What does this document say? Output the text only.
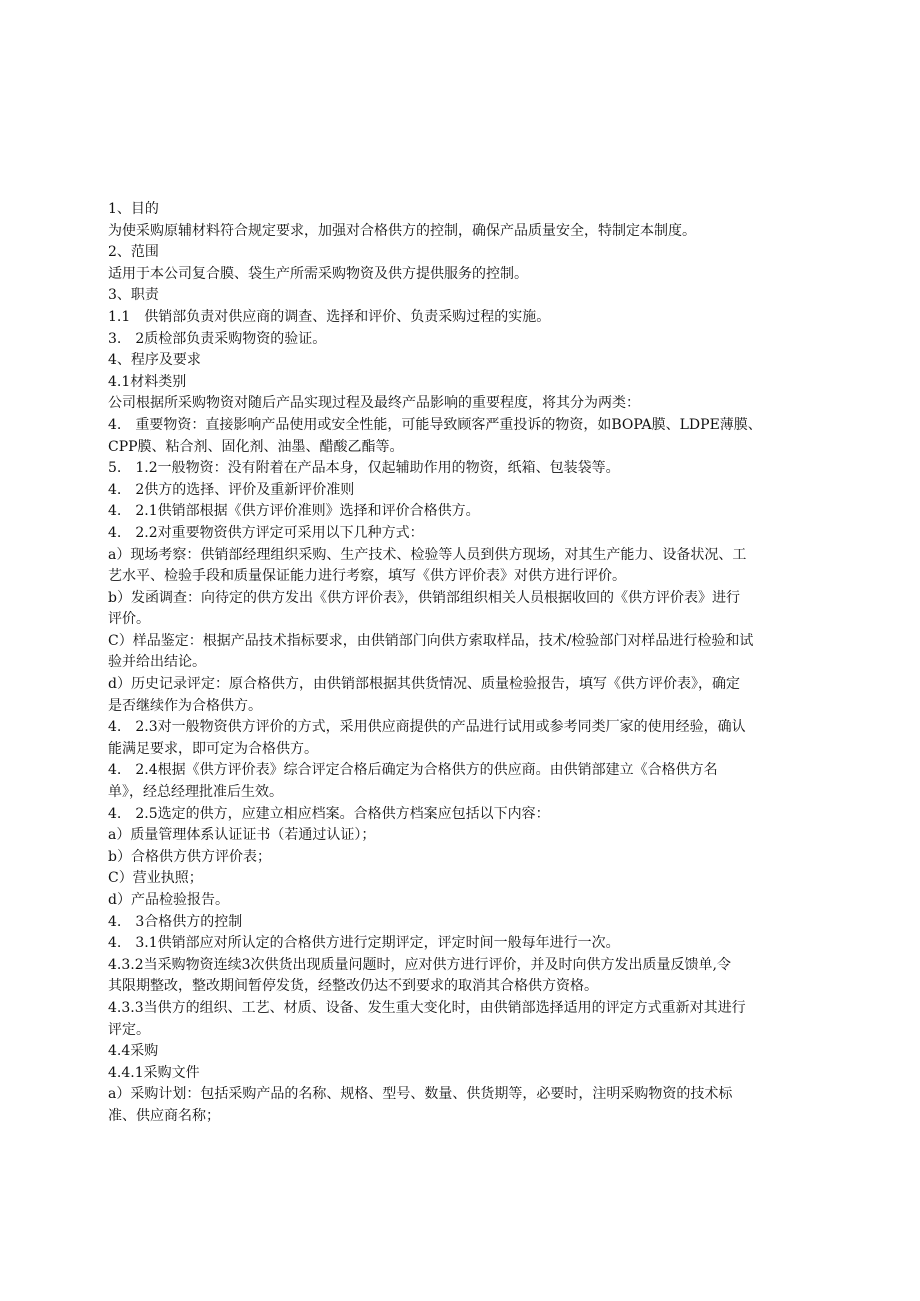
1、目的
为使采购原辅材料符合规定要求，加强对合格供方的控制，确保产品质量安全，特制定本制度。
2、范围
适用于本公司复合膜、袋生产所需采购物资及供方提供服务的控制。
3、职责
1.1　供销部负责对供应商的调查、选择和评价、负责采购过程的实施。
3.　2质检部负责采购物资的验证。
4、程序及要求
4.1材料类别
公司根据所采购物资对随后产品实现过程及最终产品影响的重要程度，将其分为两类：
4.　重要物资：直接影响产品使用或安全性能，可能导致顾客严重投诉的物资，如BOPA膜、LDPE薄膜、
CPP膜、粘合剂、固化剂、油墨、醋酸乙酯等。
5.　1.2一般物资：没有附着在产品本身，仅起辅助作用的物资，纸箱、包装袋等。
4.　2供方的选择、评价及重新评价准则
4.　2.1供销部根据《供方评价准则》选择和评价合格供方。
4.　2.2对重要物资供方评定可采用以下几种方式：
a）现场考察：供销部经理组织采购、生产技术、检验等人员到供方现场，对其生产能力、设备状况、工
艺水平、检验手段和质量保证能力进行考察，填写《供方评价表》对供方进行评价。
b）发函调查：向待定的供方发出《供方评价表》，供销部组织相关人员根据收回的《供方评价表》进行
评价。
C）样品鉴定：根据产品技术指标要求，由供销部门向供方索取样品，技术/检验部门对样品进行检验和试
验并给出结论。
d）历史记录评定：原合格供方，由供销部根据其供货情况、质量检验报告，填写《供方评价表》，确定
是否继续作为合格供方。
4.　2.3对一般物资供方评价的方式，采用供应商提供的产品进行试用或参考同类厂家的使用经验，确认
能满足要求，即可定为合格供方。
4.　2.4根据《供方评价表》综合评定合格后确定为合格供方的供应商。由供销部建立《合格供方名
单》，经总经理批准后生效。
4.　2.5选定的供方，应建立相应档案。合格供方档案应包括以下内容：
a）质量管理体系认证证书（若通过认证）；
b）合格供方供方评价表；
C）营业执照；
d）产品检验报告。
4.　3合格供方的控制
4.　3.1供销部应对所认定的合格供方进行定期评定，评定时间一般每年进行一次。
4.3.2当采购物资连续3次供货出现质量问题时，应对供方进行评价，并及时向供方发出质量反馈单,令
其限期整改，整改期间暂停发货，经整改仍达不到要求的取消其合格供方资格。
4.3.3当供方的组织、工艺、材质、设备、发生重大变化时，由供销部选择适用的评定方式重新对其进行
评定。
4.4采购
4.4.1采购文件
a）采购计划：包括采购产品的名称、规格、型号、数量、供货期等，必要时，注明采购物资的技术标
准、供应商名称；
